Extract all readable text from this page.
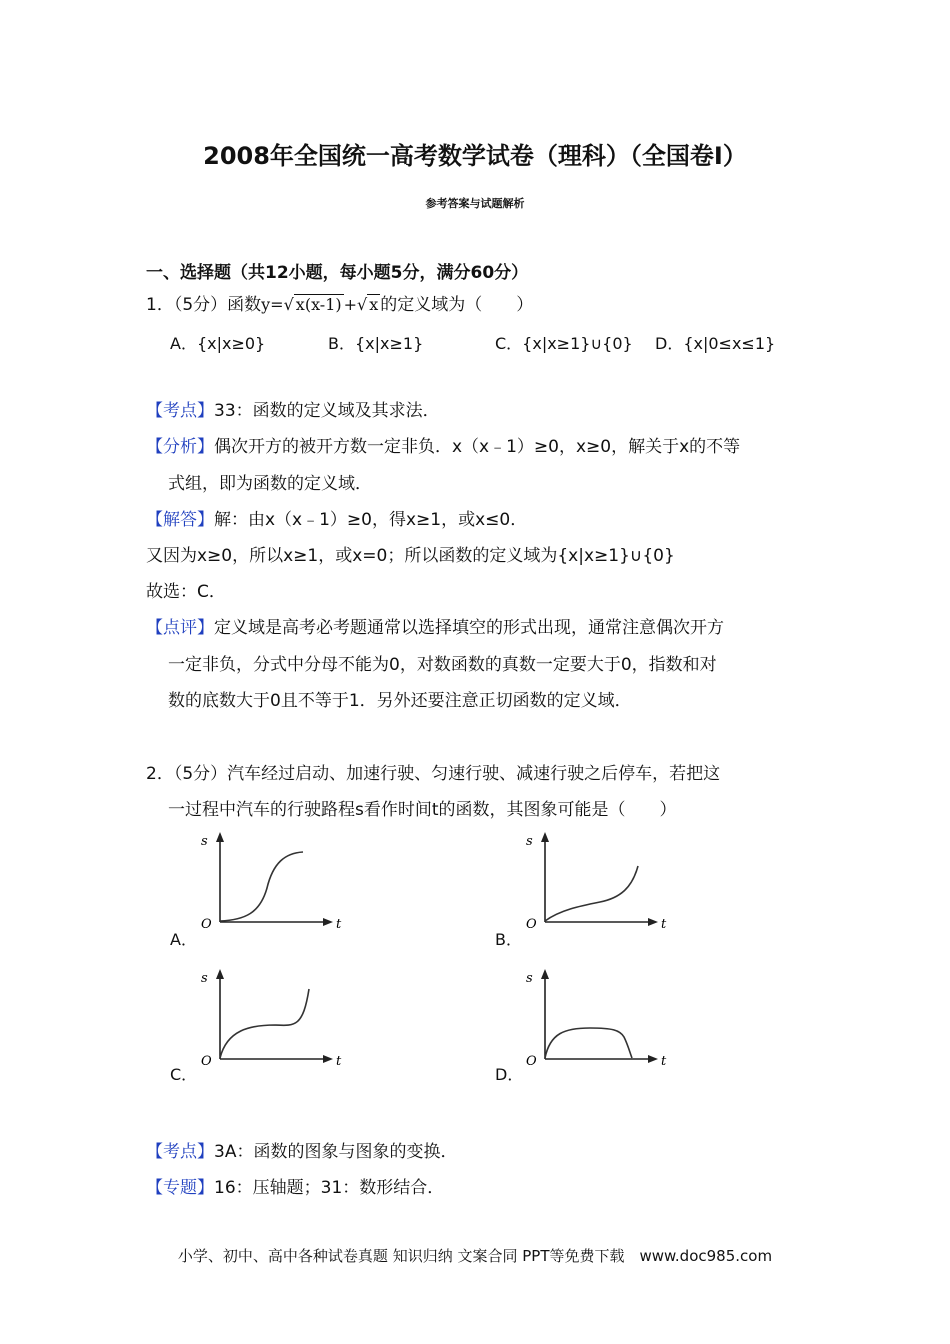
2008年全国统一高考数学试卷（理科）（全国卷I）
参考答案与试题解析
一、选择题（共12小题，每小题5分，满分60分）
1．（5分）函数y=√ x(x-1) +√ x 的定义域为（　　）
A．{x|x≥0}	B．{x|x≥1}	C．{x|x≥1}∪{0} D．{x|0≤x≤1}
【考点】33：函数的定义域及其求法．
【分析】偶次开方的被开方数一定非负．x（x﹣1）≥0，x≥0，解关于x的不等
式组，即为函数的定义域．
【解答】解：由x（x﹣1）≥0，得x≥1，或x≤0．
又因为x≥0，所以x≥1，或x=0；所以函数的定义域为{x|x≥1}∪{0}
故选：C．
【点评】定义域是高考必考题通常以选择填空的形式出现，通常注意偶次开方
一定非负，分式中分母不能为0，对数函数的真数一定要大于0，指数和对
数的底数大于0且不等于1．另外还要注意正切函数的定义域．
2．（5分）汽车经过启动、加速行驶、匀速行驶、减速行驶之后停车，若把这
一过程中汽车的行驶路程s看作时间t的函数，其图象可能是（　　）
s
O	t
A．
s
O	t
B．
s
O	t
C．
s
O	t
D．
【考点】3A：函数的图象与图象的变换．
【专题】16：压轴题；31：数形结合．
小学、初中、高中各种试卷真题 知识归纳 文案合同 PPT等免费下载　www.doc985.com
